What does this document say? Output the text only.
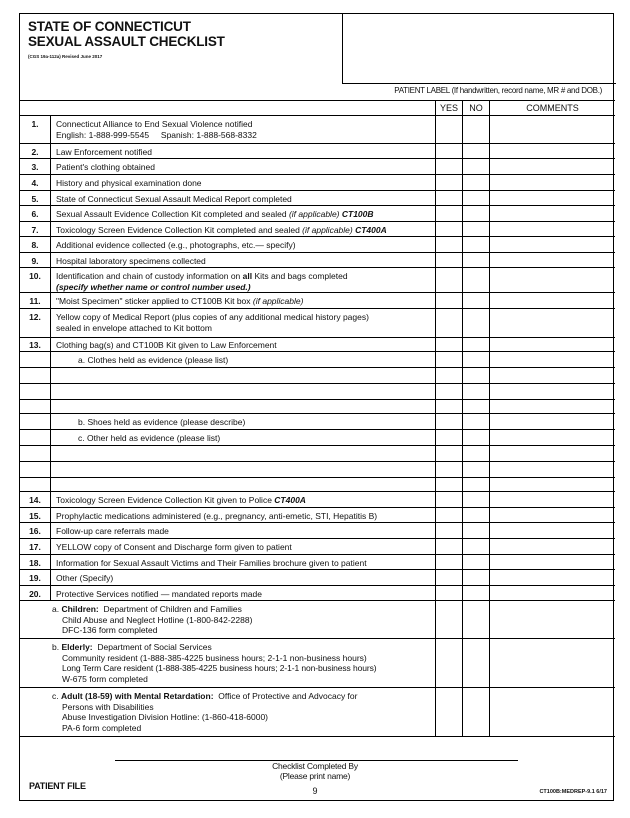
STATE OF CONNECTICUT
SEXUAL ASSAULT CHECKLIST
(CGS 19a-112a) Revised June 2017
PATIENT LABEL (If handwritten, record name, MR # and DOB.)
YES	NO	COMMENTS
1.	Connecticut Alliance to End Sexual Violence notified
English: 1-888-999-5545     Spanish: 1-888-568-8332
2.	Law Enforcement notified
3.	Patient's clothing obtained
4.	History and physical examination done
5.	State of Connecticut Sexual Assault Medical Report completed
6.	Sexual Assault Evidence Collection Kit completed and sealed (if applicable) CT100B
7.	Toxicology Screen Evidence Collection Kit completed and sealed (if applicable) CT400A
8.	Additional evidence collected (e.g., photographs, etc.— specify)
9.	Hospital laboratory specimens collected
10.	Identification and chain of custody information on all Kits and bags completed
(specify whether name or control number used.)
11.	"Moist Specimen" sticker applied to CT100B Kit box (if applicable)
12.	Yellow copy of Medical Report (plus copies of any additional medical history pages)
sealed in envelope attached to Kit bottom
13.	Clothing bag(s) and CT100B Kit given to Law Enforcement
a. Clothes held as evidence (please list)
b. Shoes held as evidence (please describe)
c. Other held as evidence (please list)
14.	Toxicology Screen Evidence Collection Kit given to Police CT400A
15.	Prophylactic medications administered (e.g., pregnancy, anti-emetic, STI, Hepatitis B)
16.	Follow-up care referrals made
17.	YELLOW copy of Consent and Discharge form given to patient
18.	Information for Sexual Assault Victims and Their Families brochure given to patient
19.	Other (Specify)
20.	Protective Services notified — mandated reports made
a. Children:  Department of Children and Families
Child Abuse and Neglect Hotline (1-800-842-2288)
DFC-136 form completed
b. Elderly:  Department of Social Services
Community resident (1-888-385-4225 business hours; 2-1-1 non-business hours)
Long Term Care resident (1-888-385-4225 business hours; 2-1-1 non-business hours)
W-675 form completed
c. Adult (18-59) with Mental Retardation:  Office of Protective and Advocacy for
Persons with Disabilities
Abuse Investigation Division Hotline: (1-860-418-6000)
PA-6 form completed
Checklist Completed By
(Please print name)
9
PATIENT FILE
CT100B:MEDREP-9.1 6/17
